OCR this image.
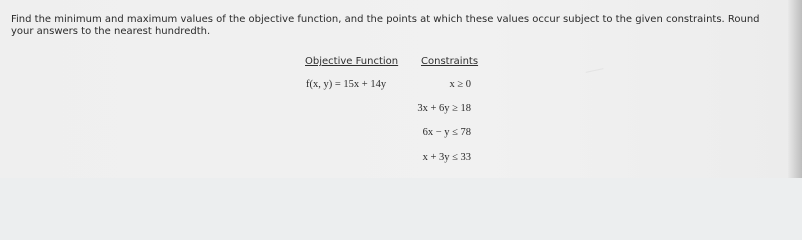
Find the minimum and maximum values of the objective function, and the points at which these values occur subject to the given constraints. Round your answers to the nearest hundredth.
Objective Function Constraints
f(x, y) = 15x + 14y	x ≥ 0
3x + 6y ≥ 18
6x − y ≤ 78
x + 3y ≤ 33
